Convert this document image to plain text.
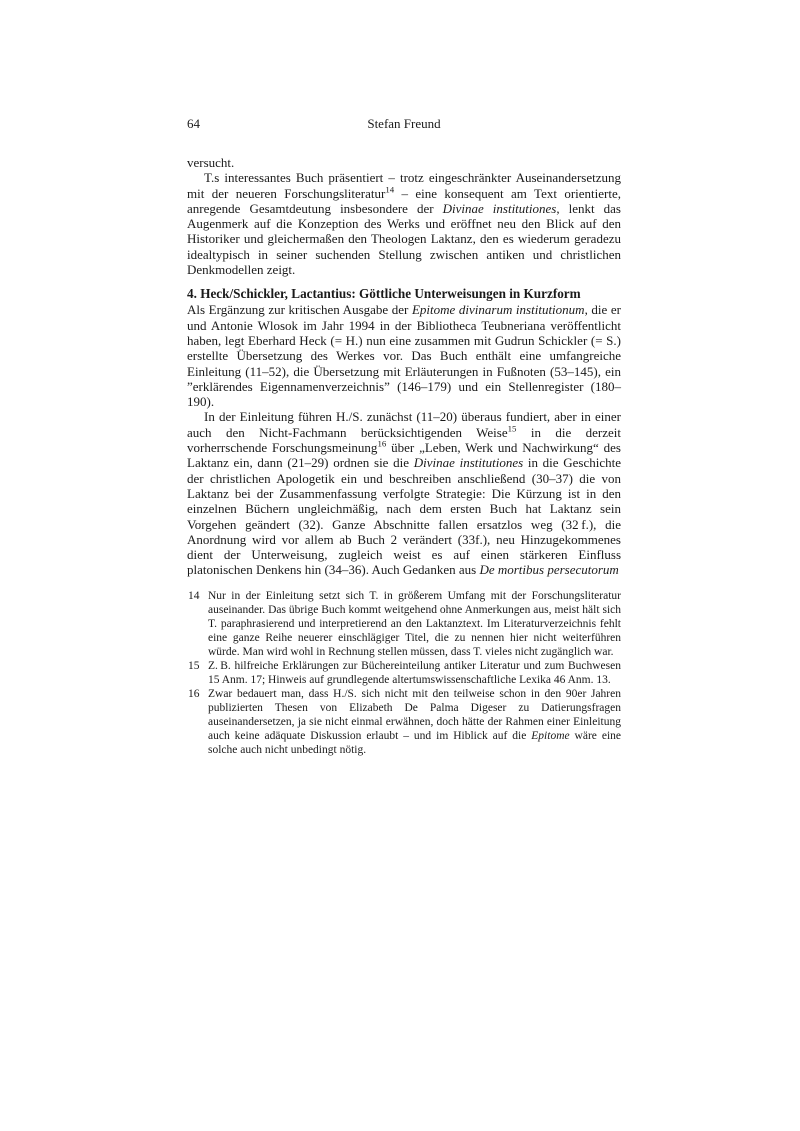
64	Stefan Freund

versucht.

T.s interessantes Buch präsentiert – trotz eingeschränkter Auseinandersetzung mit der neueren Forschungsliteratur$^{14}$ – eine konsequent am Text orientierte, anregende Gesamtdeutung insbesondere der Divinae institutiones, lenkt das Augenmerk auf die Konzeption des Werks und eröffnet neu den Blick auf den Historiker und gleichermaßen den Theologen Laktanz, den es wiederum geradezu idealtypisch in seiner suchenden Stellung zwischen antiken und christlichen Denkmodellen zeigt.

4. Heck/Schickler, Lactantius: Göttliche Unterweisungen in Kurzform

Als Ergänzung zur kritischen Ausgabe der Epitome divinarum institutionum, die er und Antonie Wlosok im Jahr 1994 in der Bibliotheca Teubneriana veröffentlicht haben, legt Eberhard Heck (= H.) nun eine zusammen mit Gudrun Schickler (= S.) erstellte Übersetzung des Werkes vor. Das Buch enthält eine umfangreiche Einleitung (11–52), die Übersetzung mit Erläuterungen in Fußnoten (53–145), ein ”erklärendes Eigennamenverzeichnis” (146–179) und ein Stellenregister (180–190).

In der Einleitung führen H./S. zunächst (11–20) überaus fundiert, aber in einer auch den Nicht-Fachmann berücksichtigenden Weise$^{15}$ in die derzeit vorherrschende Forschungsmeinung$^{16}$ über „Leben, Werk und Nachwirkung“ des Laktanz ein, dann (21–29) ordnen sie die Divinae institutiones in die Geschichte der christlichen Apologetik ein und beschreiben anschließend (30–37) die von Laktanz bei der Zusammenfassung verfolgte Strategie: Die Kürzung ist in den einzelnen Büchern ungleichmäßig, nach dem ersten Buch hat Laktanz sein Vorgehen geändert (32). Ganze Abschnitte fallen ersatzlos weg (32 f.), die Anordnung wird vor allem ab Buch 2 verändert (33f.), neu Hinzugekommenes dient der Unterweisung, zugleich weist es auf einen stärkeren Einfluss platonischen Denkens hin (34–36). Auch Gedanken aus De mortibus persecutorum

14 Nur in der Einleitung setzt sich T. in größerem Umfang mit der Forschungsliteratur auseinander. Das übrige Buch kommt weitgehend ohne Anmerkungen aus, meist hält sich T. paraphrasierend und interpretierend an den Laktanztext. Im Literaturverzeichnis fehlt eine ganze Reihe neuerer einschlägiger Titel, die zu nennen hier nicht weiterführen würde. Man wird wohl in Rechnung stellen müssen, dass T. vieles nicht zugänglich war.
15 Z. B. hilfreiche Erklärungen zur Büchereinteilung antiker Literatur und zum Buchwesen 15 Anm. 17; Hinweis auf grundlegende altertumswissenschaftliche Lexika 46 Anm. 13.
16 Zwar bedauert man, dass H./S. sich nicht mit den teilweise schon in den 90er Jahren publizierten Thesen von Elizabeth De Palma Digeser zu Datierungsfragen auseinandersetzen, ja sie nicht einmal erwähnen, doch hätte der Rahmen einer Einleitung auch keine adäquate Diskussion erlaubt – und im Hiblick auf die Epitome wäre eine solche auch nicht unbedingt nötig.
